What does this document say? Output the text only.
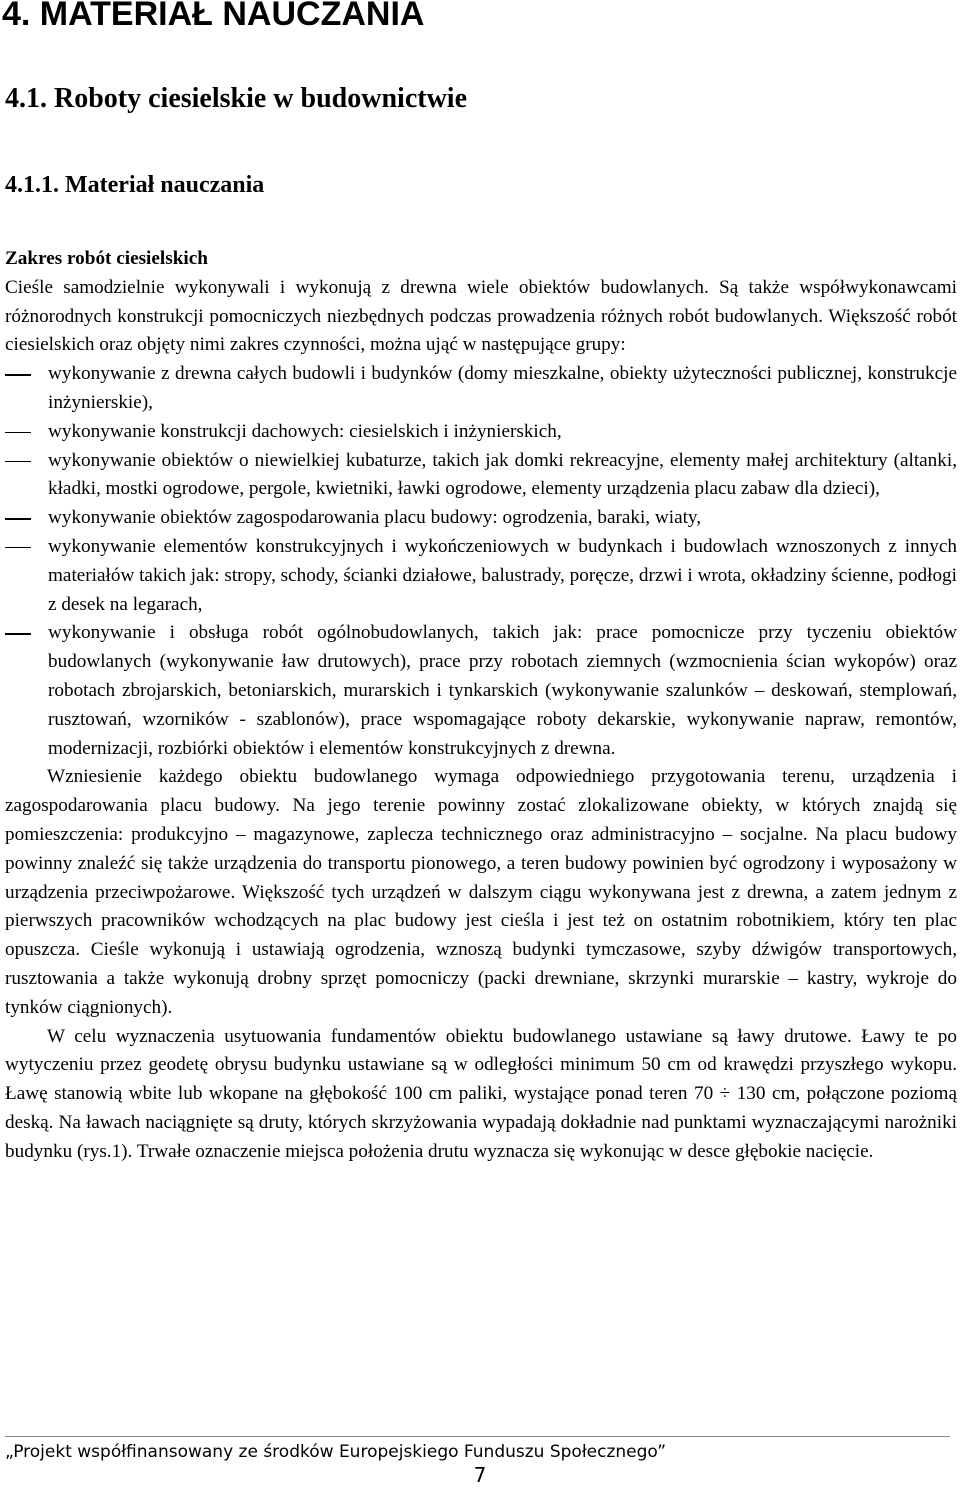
4. MATERIAŁ NAUCZANIA
4.1. Roboty ciesielskie w budownictwie
4.1.1. Materiał nauczania

Zakres robót ciesielskich

Cieśle samodzielnie wykonywali i wykonują z drewna wiele obiektów budowlanych. Są także współwykonawcami różnorodnych konstrukcji pomocniczych niezbędnych podczas prowadzenia różnych robót budowlanych. Większość robót ciesielskich oraz objęty nimi zakres czynności, można ująć w następujące grupy:

wykonywanie z drewna całych budowli i budynków (domy mieszkalne, obiekty użyteczności publicznej, konstrukcje inżynierskie),
wykonywanie konstrukcji dachowych: ciesielskich i inżynierskich,
wykonywanie obiektów o niewielkiej kubaturze, takich jak domki rekreacyjne, elementy małej architektury (altanki, kładki, mostki ogrodowe, pergole, kwietniki, ławki ogrodowe, elementy urządzenia placu zabaw dla dzieci),
wykonywanie obiektów zagospodarowania placu budowy: ogrodzenia, baraki, wiaty,
wykonywanie elementów konstrukcyjnych i wykończeniowych w budynkach i budowlach wznoszonych z innych materiałów takich jak: stropy, schody, ścianki działowe, balustrady, poręcze, drzwi i wrota, okładziny ścienne, podłogi z desek na legarach,
wykonywanie i obsługa robót ogólnobudowlanych, takich jak: prace pomocnicze przy tyczeniu obiektów budowlanych (wykonywanie ław drutowych), prace przy robotach ziemnych (wzmocnienia ścian wykopów) oraz robotach zbrojarskich, betoniarskich, murarskich i tynkarskich (wykonywanie szalunków – deskowań, stemplowań, rusztowań, wzorników - szablonów), prace wspomagające roboty dekarskie, wykonywanie napraw, remontów, modernizacji, rozbiórki obiektów i elementów konstrukcyjnych z drewna.

Wzniesienie każdego obiektu budowlanego wymaga odpowiedniego przygotowania terenu, urządzenia i zagospodarowania placu budowy. Na jego terenie powinny zostać zlokalizowane obiekty, w których znajdą się pomieszczenia: produkcyjno – magazynowe, zaplecza technicznego oraz administracyjno – socjalne. Na placu budowy powinny znaleźć się także urządzenia do transportu pionowego, a teren budowy powinien być ogrodzony i wyposażony w urządzenia przeciwpożarowe. Większość tych urządzeń w dalszym ciągu wykonywana jest z drewna, a zatem jednym z pierwszych pracowników wchodzących na plac budowy jest cieśla i jest też on ostatnim robotnikiem, który ten plac opuszcza. Cieśle wykonują i ustawiają ogrodzenia, wznoszą budynki tymczasowe, szyby dźwigów transportowych, rusztowania a także wykonują drobny sprzęt pomocniczy (packi drewniane, skrzynki murarskie – kastry, wykroje do tynków ciągnionych).

W celu wyznaczenia usytuowania fundamentów obiektu budowlanego ustawiane są ławy drutowe. Ławy te po wytyczeniu przez geodetę obrysu budynku ustawiane są w odległości minimum 50 cm od krawędzi przyszłego wykopu. Ławę stanowią wbite lub wkopane na głębokość 100 cm paliki, wystające ponad teren 70 ÷ 130 cm, połączone poziomą deską. Na ławach naciągnięte są druty, których skrzyżowania wypadają dokładnie nad punktami wyznaczającymi narożniki budynku (rys.1). Trwałe oznaczenie miejsca położenia drutu wyznacza się wykonując w desce głębokie nacięcie.

„Projekt współfinansowany ze środków Europejskiego Funduszu Społecznego”
7
